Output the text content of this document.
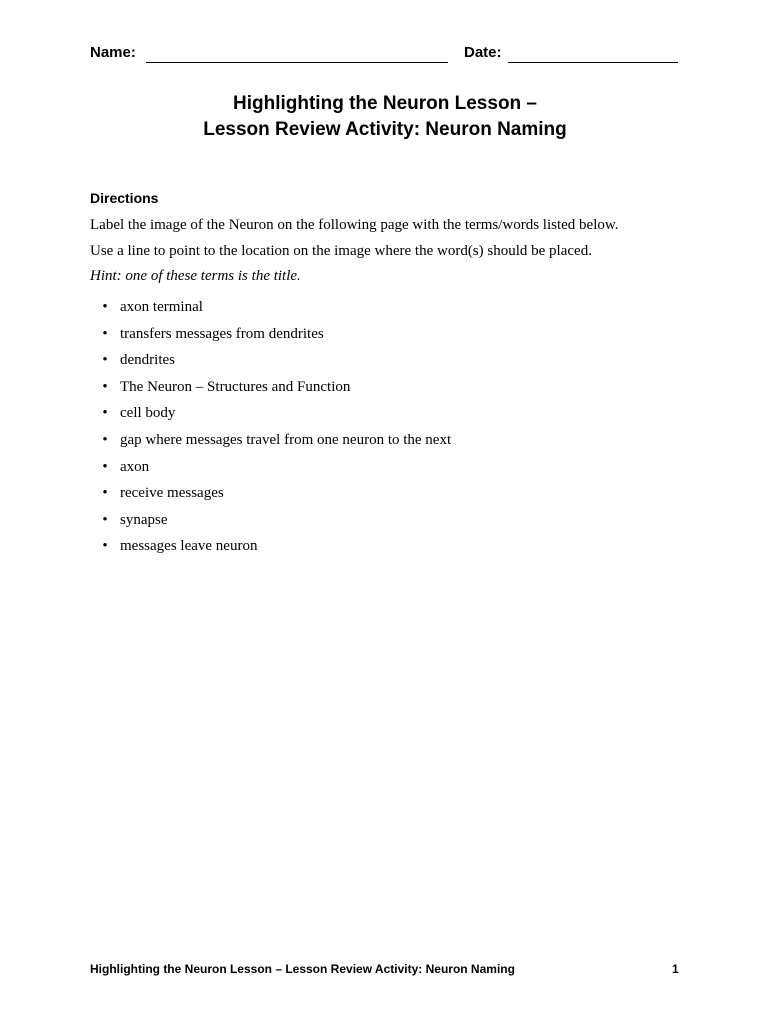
Name:	Date:
Highlighting the Neuron Lesson –
Lesson Review Activity: Neuron Naming
Directions
Label the image of the Neuron on the following page with the terms/words listed below.
Use a line to point to the location on the image where the word(s) should be placed.
Hint: one of these terms is the title.
• axon terminal
• transfers messages from dendrites
• dendrites
• The Neuron – Structures and Function
• cell body
• gap where messages travel from one neuron to the next
• axon
• receive messages
• synapse
• messages leave neuron
Highlighting the Neuron Lesson – Lesson Review Activity: Neuron Naming	1
